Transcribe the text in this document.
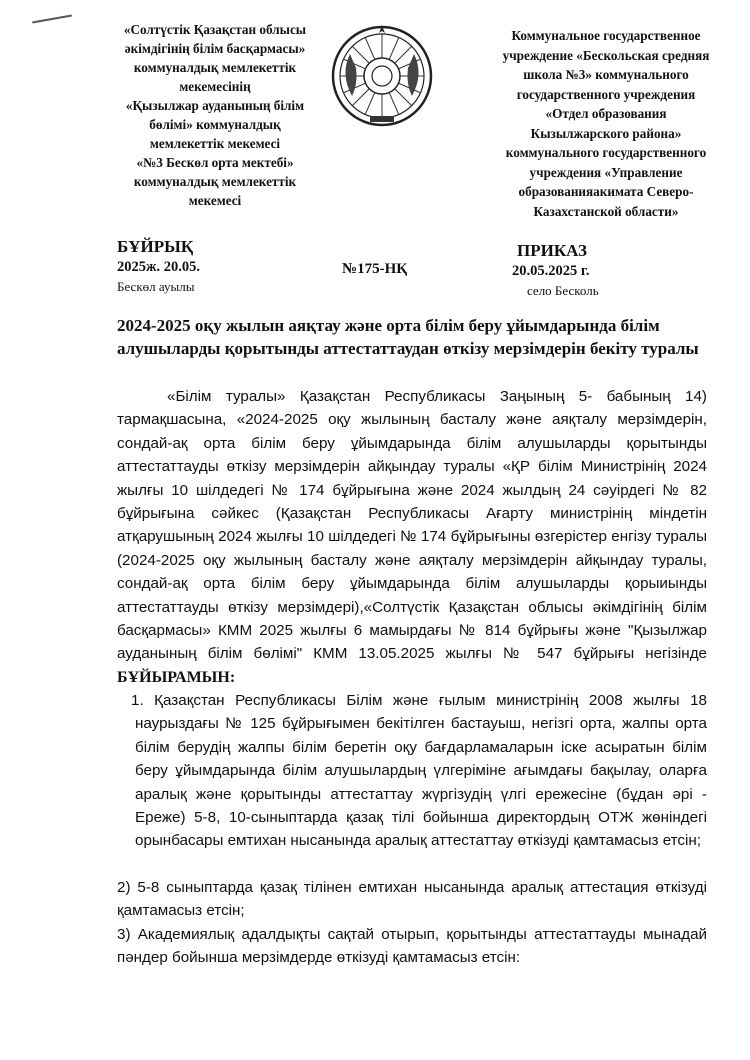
«Солтүстік Қазақстан облысы
әкімдігінің білім басқармасы»
коммуналдық мемлекеттік
мекемесінің
«Қызылжар ауданының білім
бөлімі» коммуналдық
мемлекеттік мекемесі
«№3 Бескөл орта мектебі»
коммуналдық мемлекеттік
мекемесі
Коммунальное государственное
учреждение «Бескольская средняя
школа №3» коммунального
государственного учреждения
«Отдел образования
Кызылжарского района»
коммунального государственного
учреждения «Управление
образованияакимата Северо-
Казахстанской области»
БҰЙРЫҚ
2025ж. 20.05.
Бескөл ауылы
№175-НҚ
ПРИКАЗ
20.05.2025 г.
село Бесколь
2024-2025 оқу жылын аяқтау және орта білім беру ұйымдарында білім алушыларды қорытынды аттестаттаудан өткізу мерзімдерін бекіту туралы
«Білім туралы» Қазақстан Республикасы Заңының 5- бабының 14) тармақшасына, «2024-2025 оқу жылының басталу және аяқталу мерзімдерін, сондай-ақ орта білім беру ұйымдарында білім алушыларды қорытынды аттестаттауды өткізу мерзімдерін айқындау туралы «ҚР білім Министрінің 2024 жылғы 10 шілдедегі № 174 бұйрығына және 2024 жылдың 24 сәуірдегі № 82 бұйрығына сәйкес (Қазақстан Республикасы Ағарту министрінің міндетін атқарушының 2024 жылғы 10 шілдедегі № 174 бұйрығыны өзгерістер енгізу туралы (2024-2025 оқу жылының басталу және аяқталу мерзімдерін айқындау туралы, сондай-ақ орта білім беру ұйымдарында білім алушыларды қорыиынды аттестаттауды өткізу мерзімдері),«Солтүстік Қазақстан облысы әкімдігінің білім басқармасы» КММ 2025 жылғы 6 мамырдағы № 814 бұйрығы және "Қызылжар ауданының білім бөлімі" КММ 13.05.2025 жылғы № 547 бұйрығы негізінде БҰЙЫРАМЫН:
1. Қазақстан Республикасы Білім және ғылым министрінің 2008 жылғы 18 наурыздағы № 125 бұйрығымен бекітілген бастауыш, негізгі орта, жалпы орта білім берудің жалпы білім беретін оқу бағдарламаларын іске асыратын білім беру ұйымдарында білім алушылардың үлгеріміне ағымдағы бақылау, оларға аралық және қорытынды аттестаттау жүргізудің үлгі ережесіне (бұдан әрі - Ереже) 5-8, 10-сыныптарда қазақ тілі бойынша директордың ОТЖ жөніндегі орынбасары емтихан нысанында аралық аттестаттау өткізуді қамтамасыз етсін;
2) 5-8 сыныптарда қазақ тілінен емтихан нысанында аралық аттестация өткізуді қамтамасыз етсін;
3) Академиялық адалдықты сақтай отырып, қорытынды аттестаттауды мынадай пәндер бойынша мерзімдерде өткізуді қамтамасыз етсін:
